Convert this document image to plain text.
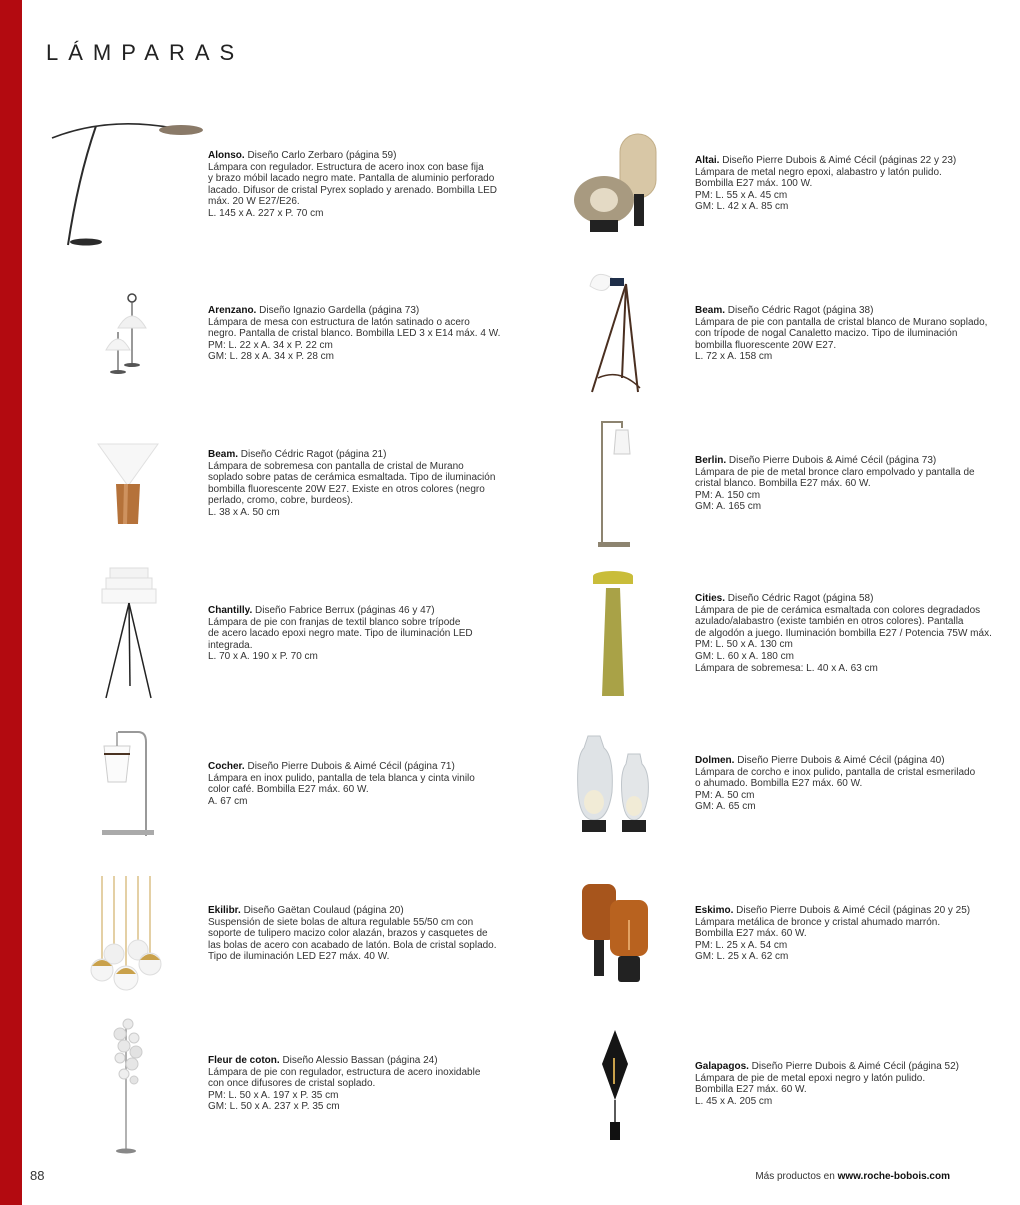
LÁMPARAS
Alonso. Diseño Carlo Zerbaro (página 59)
Lámpara con regulador. Estructura de acero inox con base fija
y brazo móbil lacado negro mate. Pantalla de aluminio perforado
lacado. Difusor de cristal Pyrex soplado y arenado. Bombilla LED
máx. 20 W E27/E26.
L. 145 x A. 227 x P. 70 cm
Arenzano. Diseño Ignazio Gardella (página 73)
Lámpara de mesa con estructura de latón satinado o acero
negro. Pantalla de cristal blanco. Bombilla LED 3 x E14 máx. 4 W.
PM: L. 22 x A. 34 x P. 22 cm
GM: L. 28 x A. 34 x P. 28 cm
Beam. Diseño Cédric Ragot (página 21)
Lámpara de sobremesa con pantalla de cristal de Murano
soplado sobre patas de cerámica esmaltada. Tipo de iluminación
bombilla fluorescente 20W E27. Existe en otros colores (negro
perlado, cromo, cobre, burdeos).
L. 38 x A. 50 cm
Chantilly. Diseño Fabrice Berrux (páginas 46 y 47)
Lámpara de pie con franjas de textil blanco sobre trípode
de acero lacado epoxi negro mate. Tipo de iluminación LED
integrada.
L. 70 x A. 190 x P. 70 cm
Cocher. Diseño Pierre Dubois & Aimé Cécil (página 71)
Lámpara en inox pulido, pantalla de tela blanca y cinta vinilo
color café. Bombilla E27 máx. 60 W.
A. 67 cm
Ekilibr. Diseño Gaëtan Coulaud (página 20)
Suspensión de siete bolas de altura regulable 55/50 cm con
soporte de tulipero macizo color alazán, brazos y casquetes de
las bolas de acero con acabado de latón. Bola de cristal soplado.
Tipo de iluminación LED E27 máx. 40 W.
Fleur de coton. Diseño Alessio Bassan (página 24)
Lámpara de pie con regulador, estructura de acero inoxidable
con once difusores de cristal soplado.
PM: L. 50 x A. 197 x P. 35 cm
GM: L. 50 x A. 237 x P. 35 cm
Altai. Diseño Pierre Dubois & Aimé Cécil (páginas 22 y 23)
Lámpara de metal negro epoxi, alabastro y latón pulido.
Bombilla E27 máx. 100 W.
PM: L. 55 x A. 45 cm
GM: L. 42 x A. 85 cm
Beam. Diseño Cédric Ragot (página 38)
Lámpara de pie con pantalla de cristal blanco de Murano soplado,
con trípode de nogal Canaletto macizo. Tipo de iluminación
bombilla fluorescente 20W E27.
L. 72 x A. 158 cm
Berlin. Diseño Pierre Dubois & Aimé Cécil (página 73)
Lámpara de pie de metal bronce claro empolvado y pantalla de
cristal blanco. Bombilla E27 máx. 60 W.
PM: A. 150 cm
GM: A. 165 cm
Cities. Diseño Cédric Ragot (página 58)
Lámpara de pie de cerámica esmaltada con colores degradados
azulado/alabastro (existe también en otros colores). Pantalla
de algodón a juego. Iluminación bombilla E27 / Potencia 75W máx.
PM: L. 50 x A. 130 cm
GM: L. 60 x A. 180 cm
Lámpara de sobremesa: L. 40 x A. 63 cm
Dolmen. Diseño Pierre Dubois & Aimé Cécil (página 40)
Lámpara de corcho e inox pulido, pantalla de cristal esmerilado
o ahumado. Bombilla E27 máx. 60 W.
PM: A. 50 cm
GM: A. 65 cm
Eskimo. Diseño Pierre Dubois & Aimé Cécil (páginas 20 y 25)
Lámpara metálica de bronce y cristal ahumado marrón.
Bombilla E27 máx. 60 W.
PM: L. 25 x A. 54 cm
GM: L. 25 x A. 62 cm
Galapagos. Diseño Pierre Dubois & Aimé Cécil (página 52)
Lámpara de pie de metal epoxi negro y latón pulido.
Bombilla E27 máx. 60 W.
L. 45 x A. 205 cm
88	Más productos en www.roche-bobois.com
